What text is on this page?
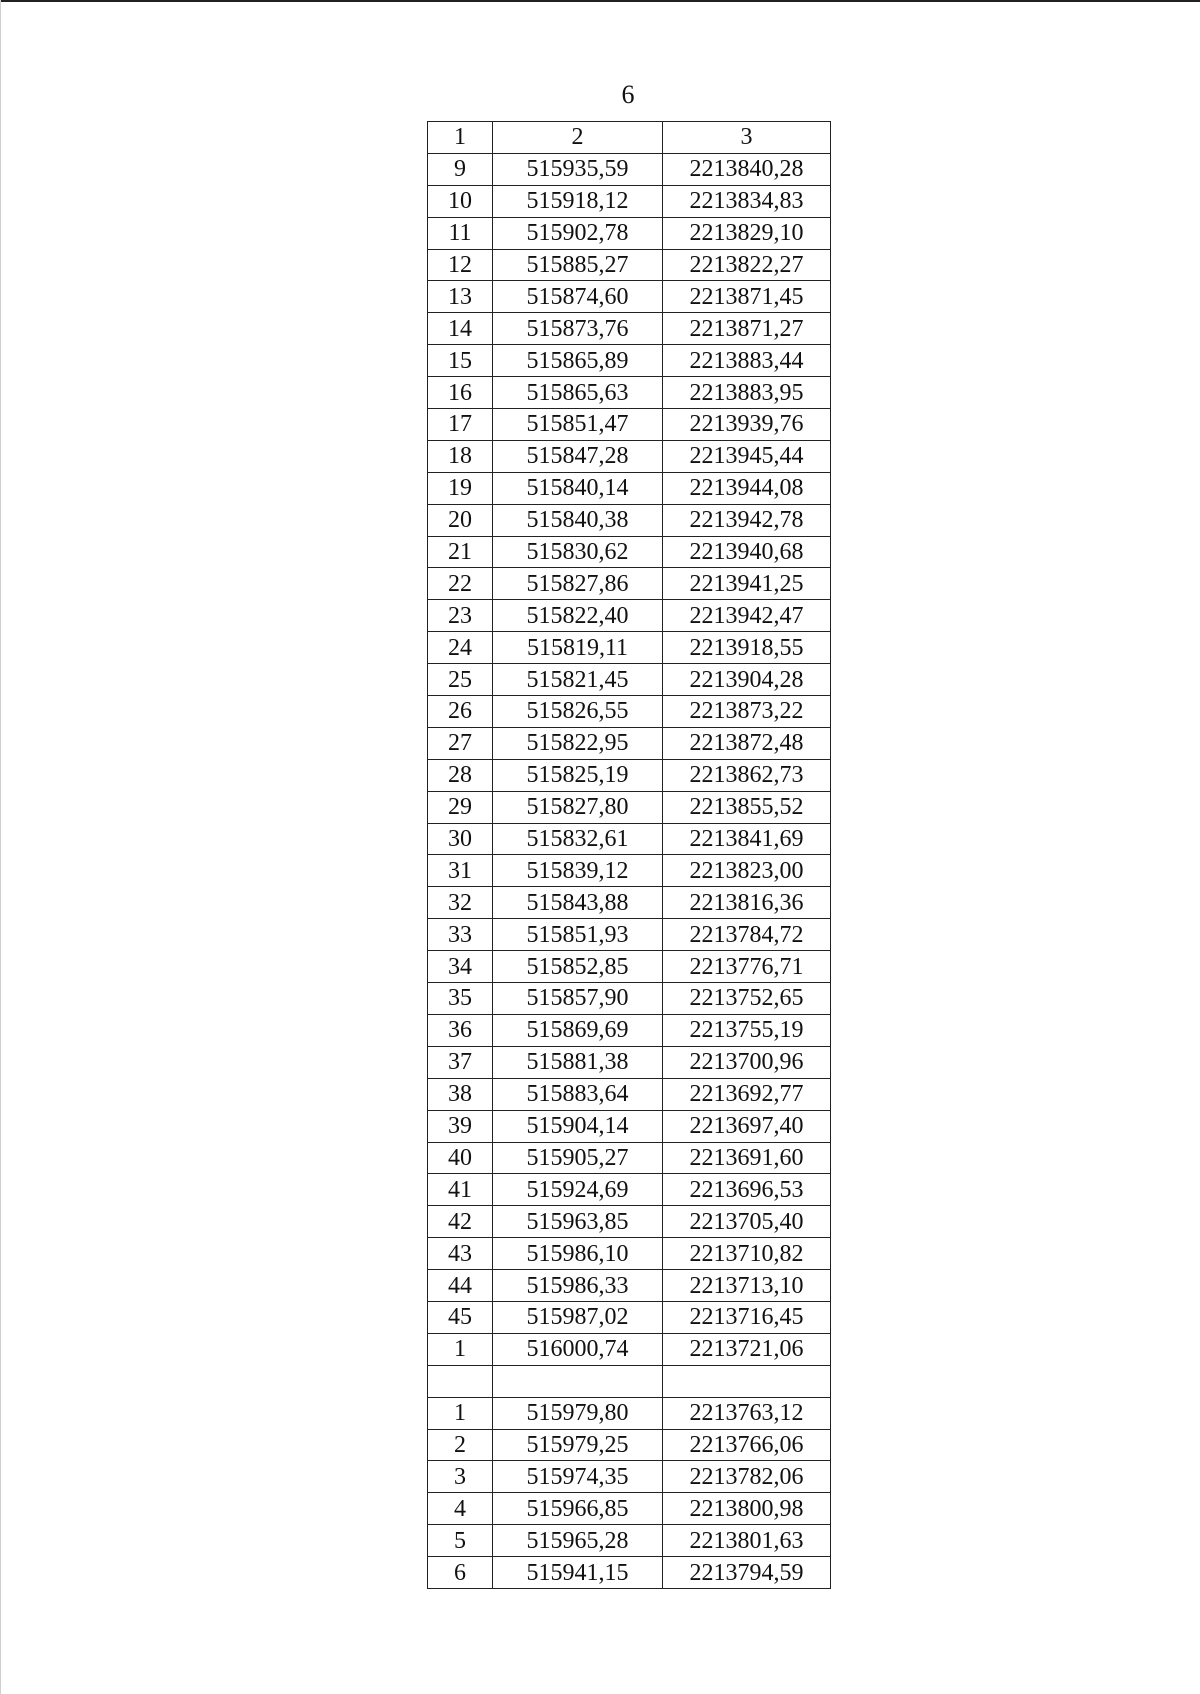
6
1	2	3
9	515935,59	2213840,28
10	515918,12	2213834,83
11	515902,78	2213829,10
12	515885,27	2213822,27
13	515874,60	2213871,45
14	515873,76	2213871,27
15	515865,89	2213883,44
16	515865,63	2213883,95
17	515851,47	2213939,76
18	515847,28	2213945,44
19	515840,14	2213944,08
20	515840,38	2213942,78
21	515830,62	2213940,68
22	515827,86	2213941,25
23	515822,40	2213942,47
24	515819,11	2213918,55
25	515821,45	2213904,28
26	515826,55	2213873,22
27	515822,95	2213872,48
28	515825,19	2213862,73
29	515827,80	2213855,52
30	515832,61	2213841,69
31	515839,12	2213823,00
32	515843,88	2213816,36
33	515851,93	2213784,72
34	515852,85	2213776,71
35	515857,90	2213752,65
36	515869,69	2213755,19
37	515881,38	2213700,96
38	515883,64	2213692,77
39	515904,14	2213697,40
40	515905,27	2213691,60
41	515924,69	2213696,53
42	515963,85	2213705,40
43	515986,10	2213710,82
44	515986,33	2213713,10
45	515987,02	2213716,45
1	516000,74	2213721,06

1	515979,80	2213763,12
2	515979,25	2213766,06
3	515974,35	2213782,06
4	515966,85	2213800,98
5	515965,28	2213801,63
6	515941,15	2213794,59
